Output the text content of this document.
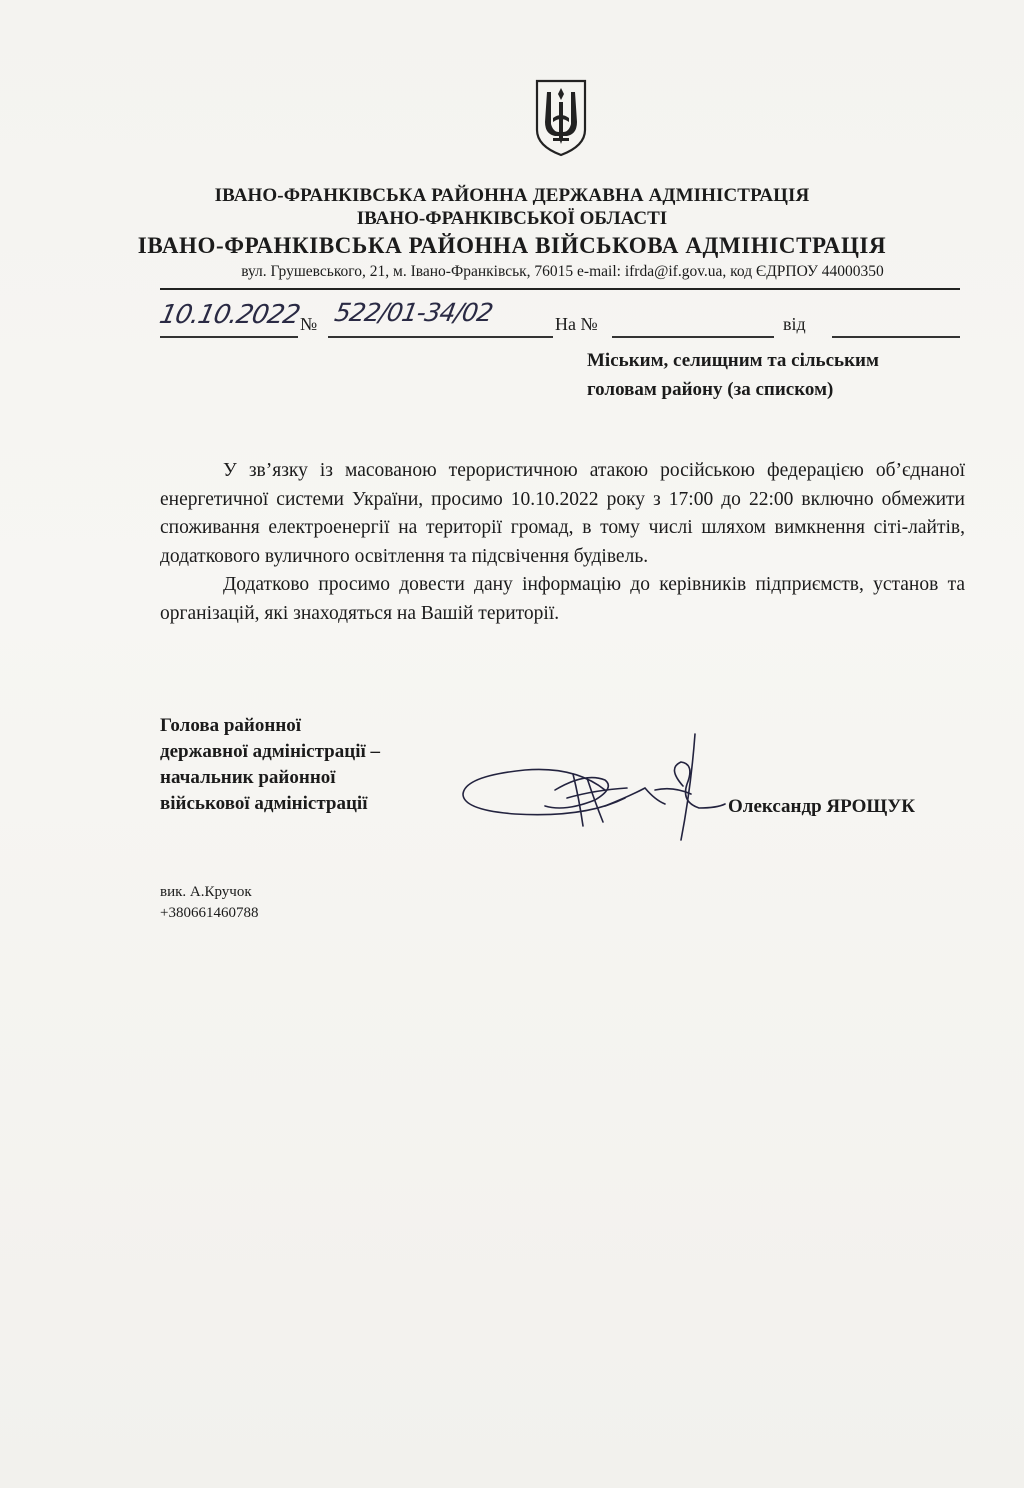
ІВАНО-ФРАНКІВСЬКА РАЙОННА ДЕРЖАВНА АДМІНІСТРАЦІЯ
ІВАНО-ФРАНКІВСЬКОЇ ОБЛАСТІ
ІВАНО-ФРАНКІВСЬКА РАЙОННА ВІЙСЬКОВА АДМІНІСТРАЦІЯ
вул. Грушевського, 21, м. Івано-Франківськ, 76015 e-mail: ifrda@if.gov.ua, код ЄДРПОУ 44000350
10.10.2022
№ 522/01-34/02	На №	від
Міським, селищним та сільським
головам району (за списком)

У зв’язку із масованою терористичною атакою російською федерацією об’єднаної енергетичної системи України, просимо 10.10.2022 року з 17:00 до 22:00 включно обмежити споживання електроенергії на території громад, в тому числі шляхом вимкнення сіті-лайтів, додаткового вуличного освітлення та підсвічення будівель.

Додатково просимо довести дану інформацію до керівників підприємств, установ та організацій, які знаходяться на Вашій території.

Голова районної
державної адміністрації –
начальник районної
військової адміністрації	Олександр ЯРОЩУК
вик. А.Кручок
+380661460788
